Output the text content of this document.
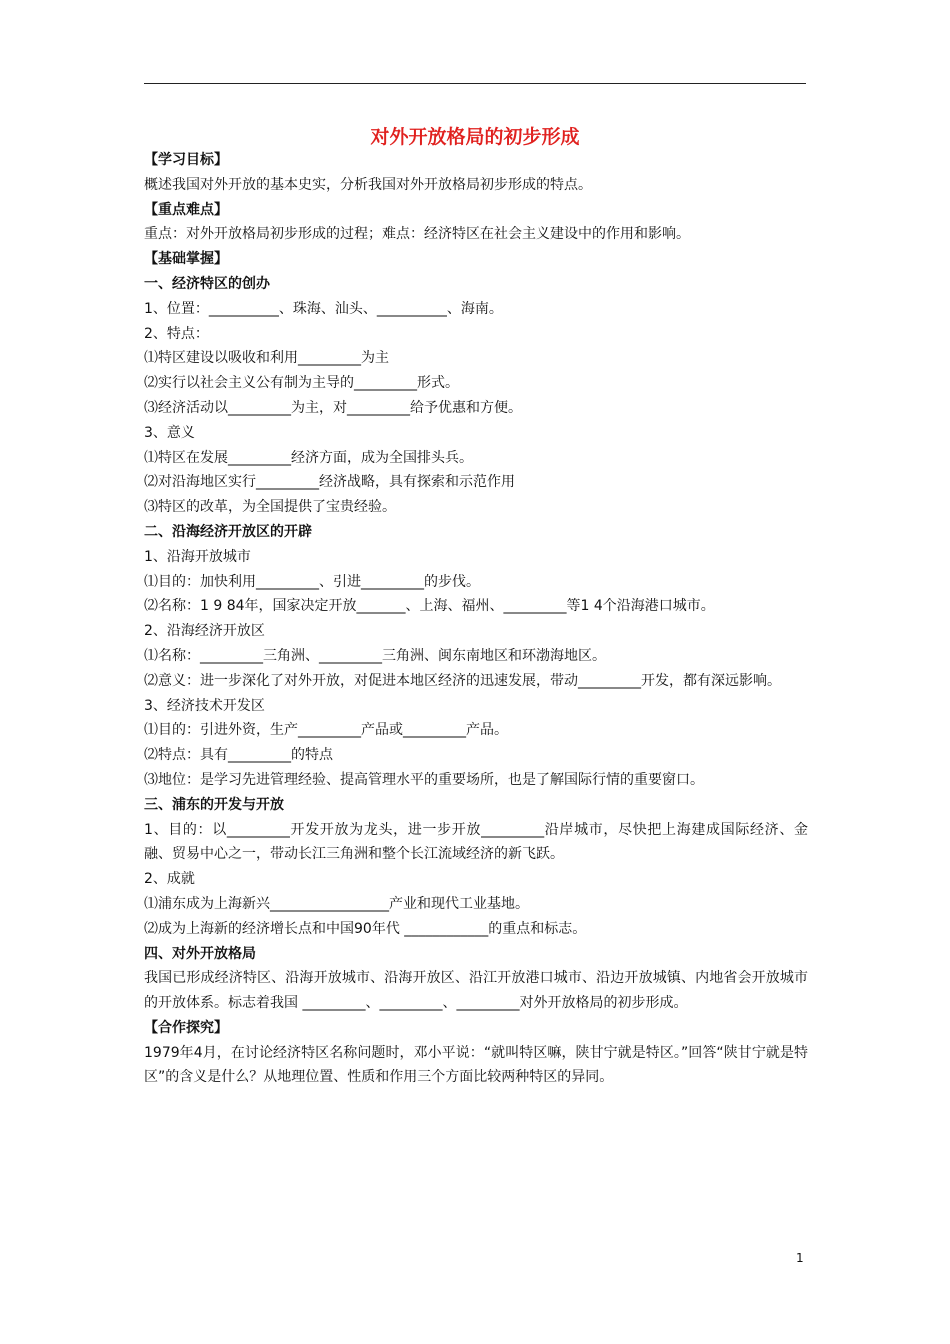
对外开放格局的初步形成
【学习目标】
概述我国对外开放的基本史实，分析我国对外开放格局初步形成的特点。
【重点难点】
重点：对外开放格局初步形成的过程；难点：经济特区在社会主义建设中的作用和影响。
【基础掌握】
一、经济特区的创办
1、位置：__________、珠海、汕头、__________、海南。
2、特点：
⑴特区建设以吸收和利用_________为主
⑵实行以社会主义公有制为主导的_________形式。
⑶经济活动以_________为主，对_________给予优惠和方便。
3、意义
⑴特区在发展_________经济方面，成为全国排头兵。
⑵对沿海地区实行_________经济战略，具有探索和示范作用
⑶特区的改革，为全国提供了宝贵经验。
二、沿海经济开放区的开辟
1、沿海开放城市
⑴目的：加快利用_________、引进_________的步伐。
⑵名称：1 9 84年，国家决定开放_______、上海、福州、_________等1 4个沿海港口城市。
2、沿海经济开放区
⑴名称：_________三角洲、_________三角洲、闽东南地区和环渤海地区。
⑵意义：进一步深化了对外开放，对促进本地区经济的迅速发展，带动_________开发，都有深远影响。
3、经济技术开发区
⑴目的：引进外资，生产_________产品或_________产品。
⑵特点：具有_________的特点
⑶地位：是学习先进管理经验、提高管理水平的重要场所，也是了解国际行情的重要窗口。
三、浦东的开发与开放
1、目的：以_________开发开放为龙头，进一步开放_________沿岸城市，尽快把上海建成国际经济、金融、贸易中心之一，带动长江三角洲和整个长江流域经济的新飞跃。
2、成就
⑴浦东成为上海新兴_________________产业和现代工业基地。
⑵成为上海新的经济增长点和中国90年代 ____________的重点和标志。
四、对外开放格局
我国已形成经济特区、沿海开放城市、沿海开放区、沿江开放港口城市、沿边开放城镇、内地省会开放城市的开放体系。标志着我国 _________、_________、_________对外开放格局的初步形成。
【合作探究】
1979年4月，在讨论经济特区名称问题时，邓小平说：“就叫特区嘛，陕甘宁就是特区。”回答“陕甘宁就是特区”的含义是什么？从地理位置、性质和作用三个方面比较两种特区的异同。
1
